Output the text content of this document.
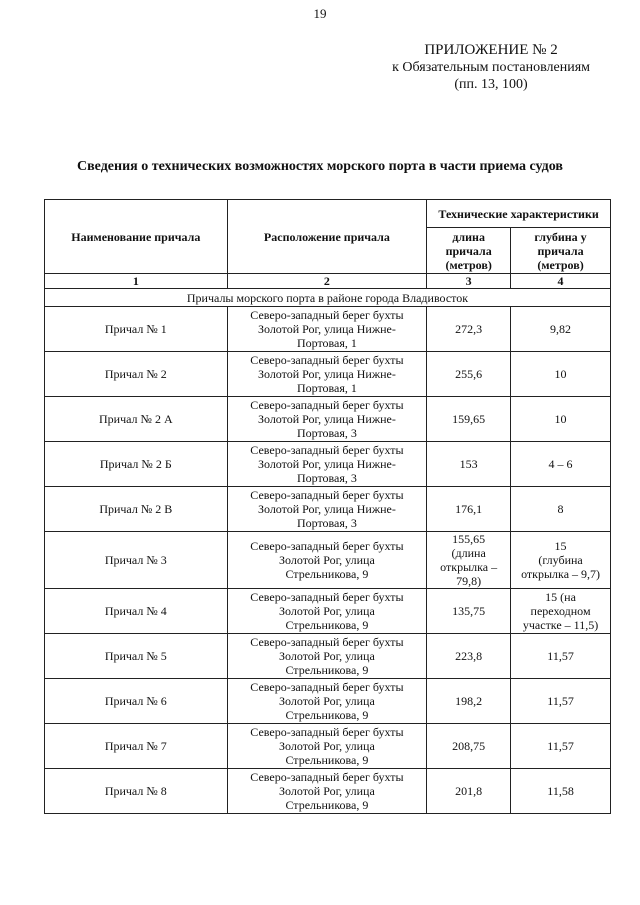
19
ПРИЛОЖЕНИЕ № 2
к Обязательным постановлениям
(пп. 13, 100)
Сведения о технических возможностях морского порта в части приема судов
Наименование причала	Расположение причала	Технические характеристики	
		длина причала (метров)	глубина у причала (метров)
1	2	3	4
Причалы морского порта в районе города Владивосток			
Причал № 1	Северо-западный берег бухты
Золотой Рог, улица Нижне-
Портовая, 1	272,3	9,82
Причал № 2	Северо-западный берег бухты
Золотой Рог, улица Нижне-
Портовая, 1	255,6	10
Причал № 2 А	Северо-западный берег бухты
Золотой Рог, улица Нижне-
Портовая, 3	159,65	10
Причал № 2 Б	Северо-западный берег бухты
Золотой Рог, улица Нижне-
Портовая, 3	153	4 – 6
Причал № 2 В	Северо-западный берег бухты
Золотой Рог, улица Нижне-
Портовая, 3	176,1	8
Причал № 3	Северо-западный берег бухты
Золотой Рог, улица
Стрельникова, 9	155,65
(длина
открылка –
79,8)	15
(глубина
открылка – 9,7)
Причал № 4	Северо-западный берег бухты
Золотой Рог, улица
Стрельникова, 9	135,75	15 (на
переходном
участке – 11,5)
Причал № 5	Северо-западный берег бухты
Золотой Рог, улица
Стрельникова, 9	223,8	11,57
Причал № 6	Северо-западный берег бухты
Золотой Рог, улица
Стрельникова, 9	198,2	11,57
Причал № 7	Северо-западный берег бухты
Золотой Рог, улица
Стрельникова, 9	208,75	11,57
Причал № 8	Северо-западный берег бухты
Золотой Рог, улица
Стрельникова, 9	201,8	11,58
